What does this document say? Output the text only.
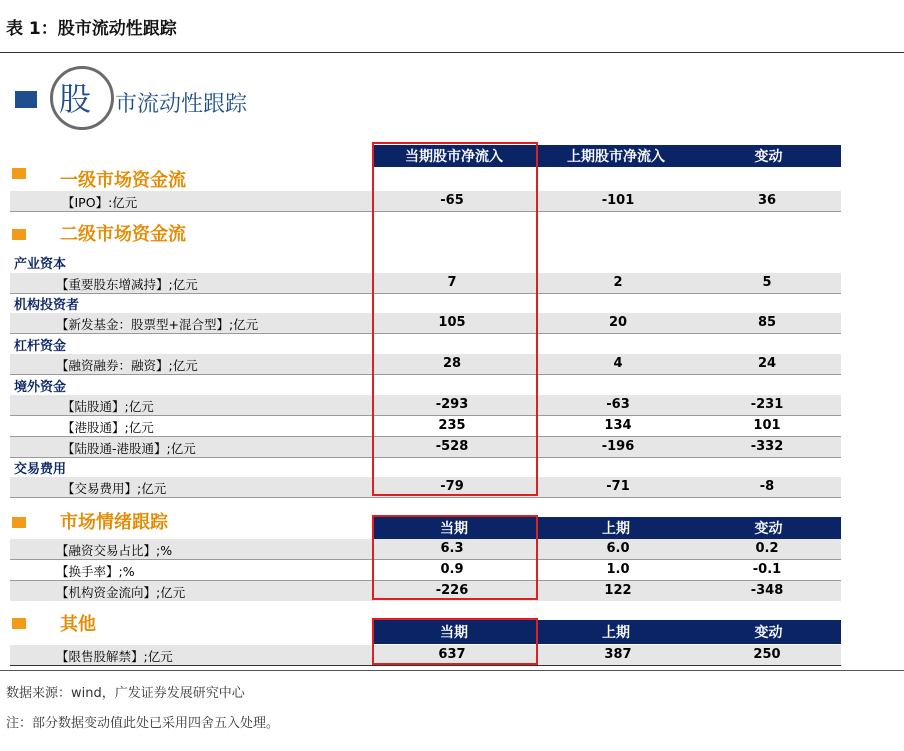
表 1：股市流动性跟踪
股 市流动性跟踪
当期股市净流入	上期股市净流入	变动
一级市场资金流
【IPO】:亿元	-65	-101	36
二级市场资金流
产业资本
【重要股东增减持】;亿元	7	2	5
机构投资者
【新发基金：股票型+混合型】;亿元	105	20	85
杠杆资金
【融资融券：融资】;亿元	28	4	24
境外资金
【陆股通】;亿元	-293	-63	-231
【港股通】;亿元	235	134	101
【陆股通-港股通】;亿元	-528	-196	-332
交易费用
【交易费用】;亿元	-79	-71	-8
市场情绪跟踪	当期	上期	变动
【融资交易占比】;%	6.3	6.0	0.2
【换手率】;%	0.9	1.0	-0.1
【机构资金流向】;亿元	-226	122	-348
其他	当期	上期	变动
【限售股解禁】;亿元	637	387	250
数据来源：wind，广发证券发展研究中心
注：部分数据变动值此处已采用四舍五入处理。
